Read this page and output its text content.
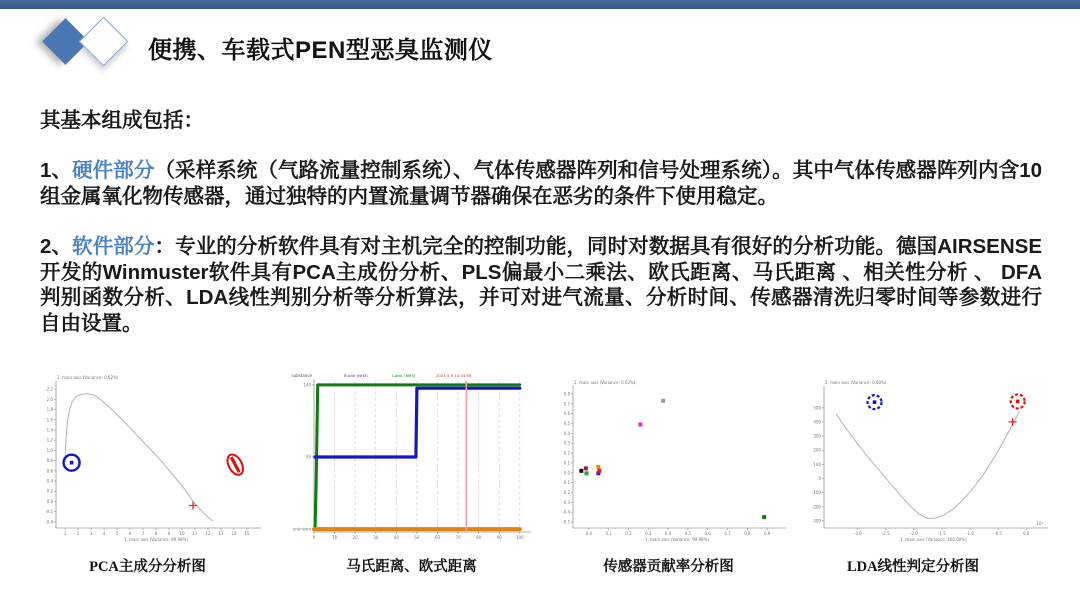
便携、车载式PEN型恶臭监测仪
其基本组成包括：
1、硬件部分（采样系统（气路流量控制系统）、气体传感器阵列和信号处理系统）。其中气体传感器阵列内含10组金属氧化物传感器，通过独特的内置流量调节器确保在恶劣的条件下使用稳定。
2、软件部分：专业的分析软件具有对主机完全的控制功能，同时对数据具有很好的分析功能。德国AIRSENSE开发的Winmuster软件具有PCA主成份分析、PLS偏最小二乘法、欧氏距离、马氏距离 、相关性分析 、 DFA 判别函数分析、LDA线性判别分析等分析算法，并可对进气流量、分析时间、传感器清洗归零时间等参数进行自由设置。
1	2	3	4	5	6	7	8	9 10 11 12 13 14 15
2.2
2.0
1.8
1.6
1.4
1.2
1.0
0.8
0.6
0.4
0.2
0.0
-0.2
-0.4
2. main axis (Variance: 0.02%)
1. main axis (Variance: 99.98%)	0	10	20	30	40	50	60	70	80	90	100
140
39
unknown
substance	Euclid (NH3)	Canb. (NH3)	2021-9-9 14:34:56
0.0	0.1	0.2	0.3	0.4	0.5	0.6	0.7	0.8	0.9
0.8
0.7
0.6
0.5
0.4
0.3
0.2
0.1
0.0
-0.1
-0.2
-0.3
-0.4
-0.5
2. main axis (Variance: 0.02%)
1. main axis (Variance: 99.98%)
-3.0	-2.5	-2.0	-1.5	-1.0	-0.5	0.0
500
400
300
200
100
0
-100
-200
-300
2. main axis (Variance: 0.00%)
1. main axis (Variance: 100.00%)
10³
PCA主成分分析图	马氏距离、欧式距离	传感器贡献率分析图	LDA线性判定分析图
